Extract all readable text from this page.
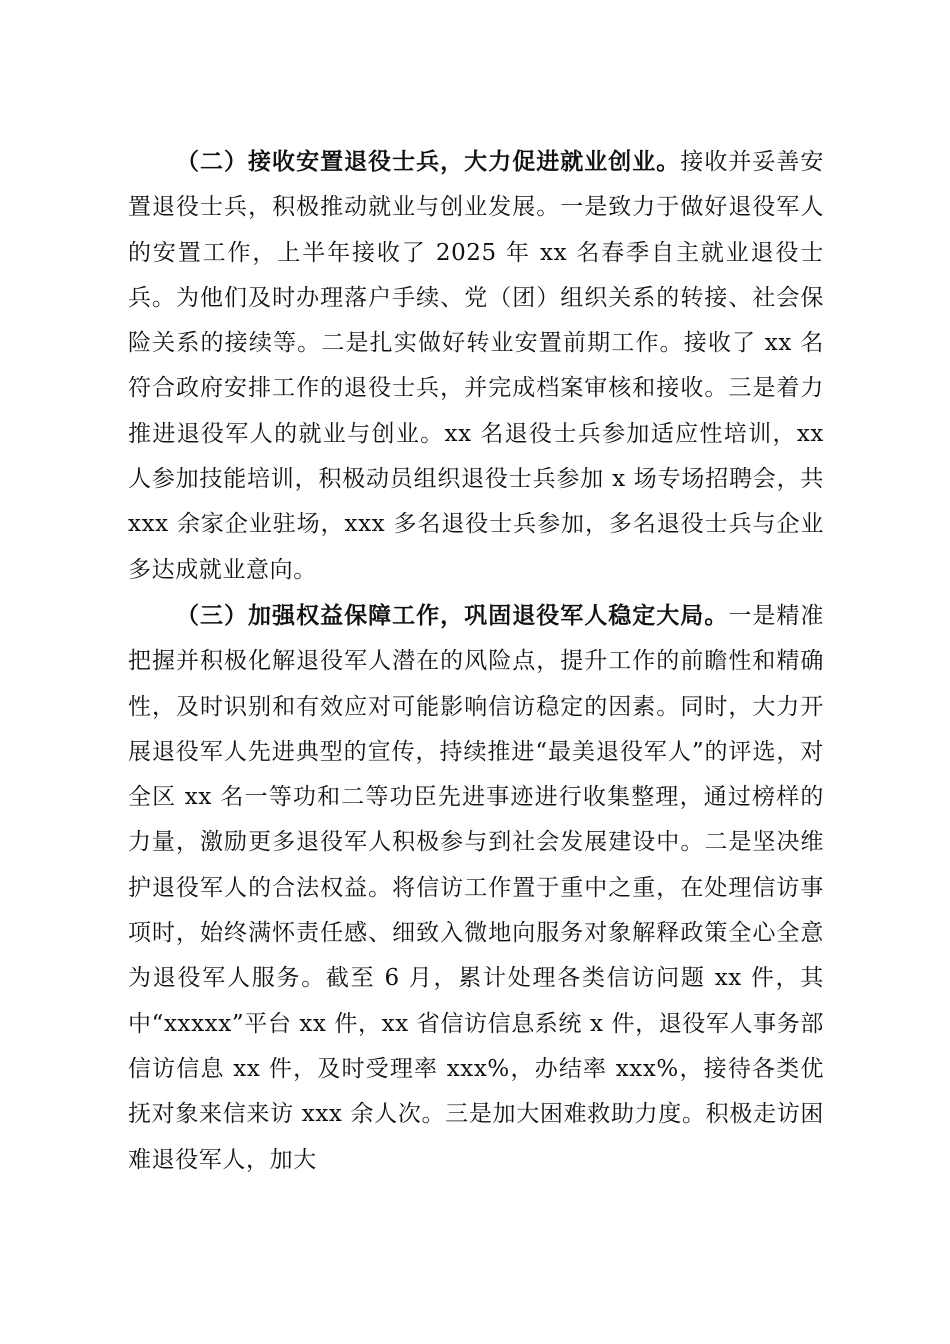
（二）接收安置退役士兵，大力促进就业创业。接收并妥善安置退役士兵，积极推动就业与创业发展。一是致力于做好退役军人的安置工作，上半年接收了 2025 年 xx 名春季自主就业退役士兵。为他们及时办理落户手续、党（团）组织关系的转接、社会保险关系的接续等。二是扎实做好转业安置前期工作。接收了 xx 名符合政府安排工作的退役士兵，并完成档案审核和接收。三是着力推进退役军人的就业与创业。xx 名退役士兵参加适应性培训，xx 人参加技能培训，积极动员组织退役士兵参加 x 场专场招聘会，共 xxx 余家企业驻场，xxx 多名退役士兵参加，多名退役士兵与企业多达成就业意向。

（三）加强权益保障工作，巩固退役军人稳定大局。一是精准把握并积极化解退役军人潜在的风险点，提升工作的前瞻性和精确性，及时识别和有效应对可能影响信访稳定的因素。同时，大力开展退役军人先进典型的宣传，持续推进“最美退役军人”的评选，对全区 xx 名一等功和二等功臣先进事迹进行收集整理，通过榜样的力量，激励更多退役军人积极参与到社会发展建设中。二是坚决维护退役军人的合法权益。将信访工作置于重中之重，在处理信访事项时，始终满怀责任感、细致入微地向服务对象解释政策全心全意为退役军人服务。截至 6 月，累计处理各类信访问题 xx 件，其中“xxxxx”平台 xx 件，xx 省信访信息系统 x 件，退役军人事务部信访信息 xx 件，及时受理率 xxx%，办结率 xxx%，接待各类优抚对象来信来访 xxx 余人次。三是加大困难救助力度。积极走访困难退役军人，加大
